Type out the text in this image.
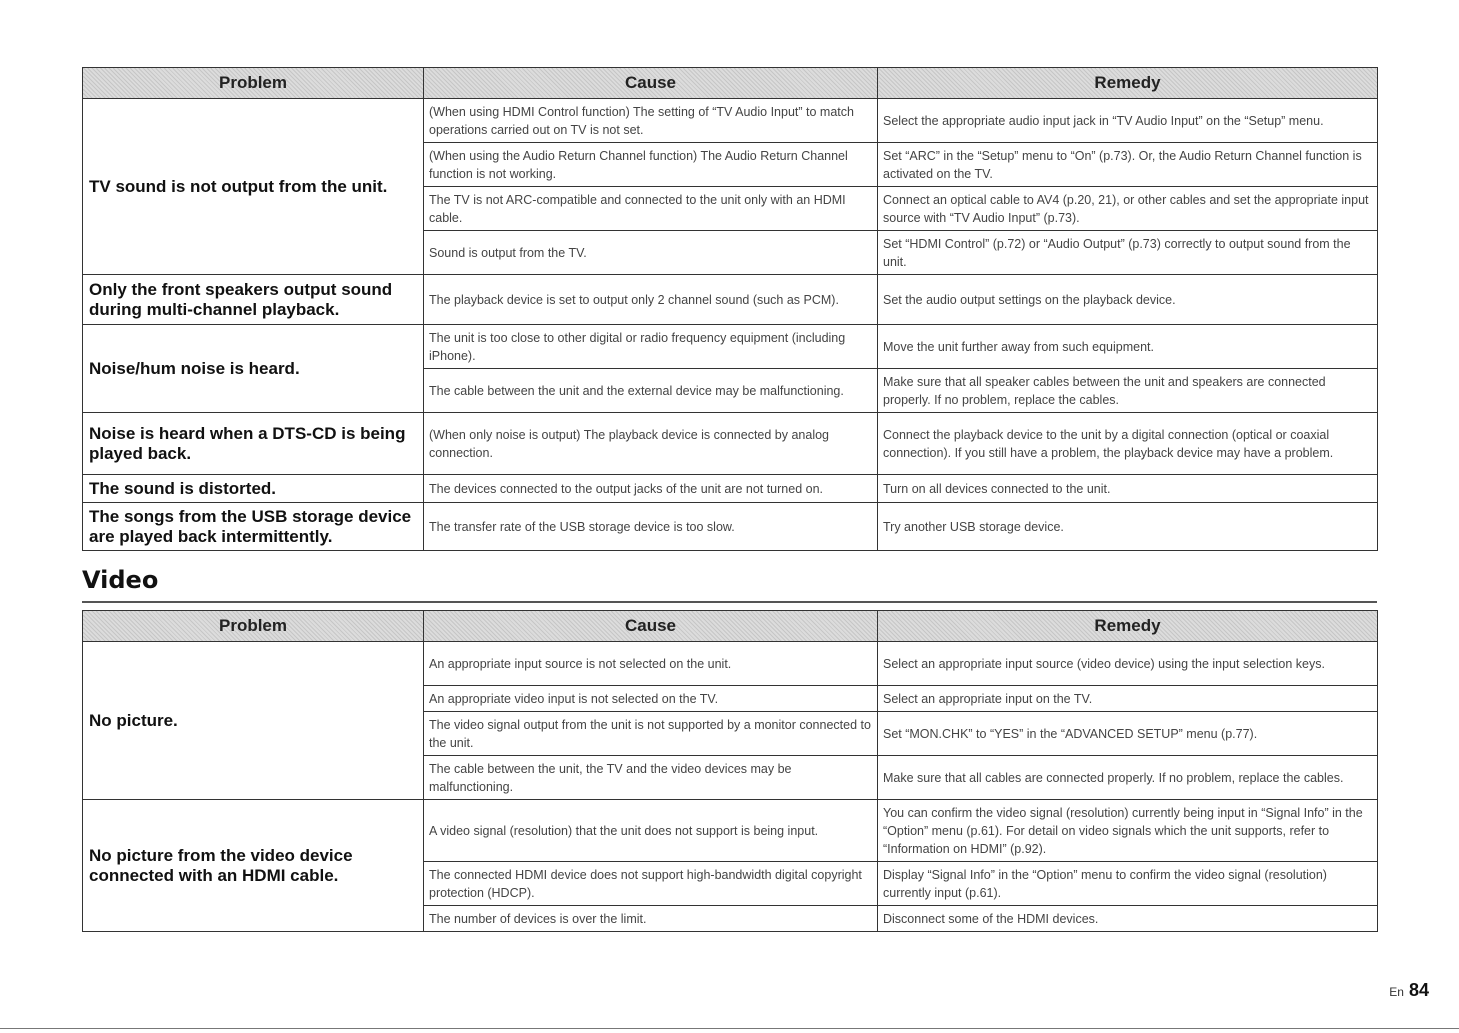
Problem	Cause	Remedy
TV sound is not output from the unit.	(When using HDMI Control function) The setting of “TV Audio Input” to match operations carried out on TV is not set.	Select the appropriate audio input jack in “TV Audio Input” on the “Setup” menu.
	(When using the Audio Return Channel function) The Audio Return Channel function is not working.	Set “ARC” in the “Setup” menu to “On” (p.73). Or, the Audio Return Channel function is activated on the TV.
	The TV is not ARC-compatible and connected to the unit only with an HDMI cable.	Connect an optical cable to AV4 (p.20, 21), or other cables and set the appropriate input source with “TV Audio Input” (p.73).
	Sound is output from the TV.	Set “HDMI Control” (p.72) or “Audio Output” (p.73) correctly to output sound from the unit.
Only the front speakers output sound during multi-channel playback.	The playback device is set to output only 2 channel sound (such as PCM).	Set the audio output settings on the playback device.
Noise/hum noise is heard.	The unit is too close to other digital or radio frequency equipment (including iPhone).	Move the unit further away from such equipment.
	The cable between the unit and the external device may be malfunctioning.	Make sure that all speaker cables between the unit and speakers are connected properly. If no problem, replace the cables.
Noise is heard when a DTS-CD is being played back.	(When only noise is output) The playback device is connected by analog connection.	Connect the playback device to the unit by a digital connection (optical or coaxial connection). If you still have a problem, the playback device may have a problem.
The sound is distorted.	The devices connected to the output jacks of the unit are not turned on.	Turn on all devices connected to the unit.
The songs from the USB storage device are played back intermittently.	The transfer rate of the USB storage device is too slow.	Try another USB storage device.
Video
Problem	Cause	Remedy
No picture.	An appropriate input source is not selected on the unit.	Select an appropriate input source (video device) using the input selection keys.
	An appropriate video input is not selected on the TV.	Select an appropriate input on the TV.
	The video signal output from the unit is not supported by a monitor connected to the unit.	Set “MON.CHK” to “YES” in the “ADVANCED SETUP” menu (p.77).
	The cable between the unit, the TV and the video devices may be malfunctioning.	Make sure that all cables are connected properly. If no problem, replace the cables.
No picture from the video device connected with an HDMI cable.	A video signal (resolution) that the unit does not support is being input.	You can confirm the video signal (resolution) currently being input in “Signal Info” in the “Option” menu (p.61). For detail on video signals which the unit supports, refer to “Information on HDMI” (p.92).
	The connected HDMI device does not support high-bandwidth digital copyright protection (HDCP).	Display “Signal Info” in the “Option” menu to confirm the video signal (resolution) currently input (p.61).
	The number of devices is over the limit.	Disconnect some of the HDMI devices.
En 84
